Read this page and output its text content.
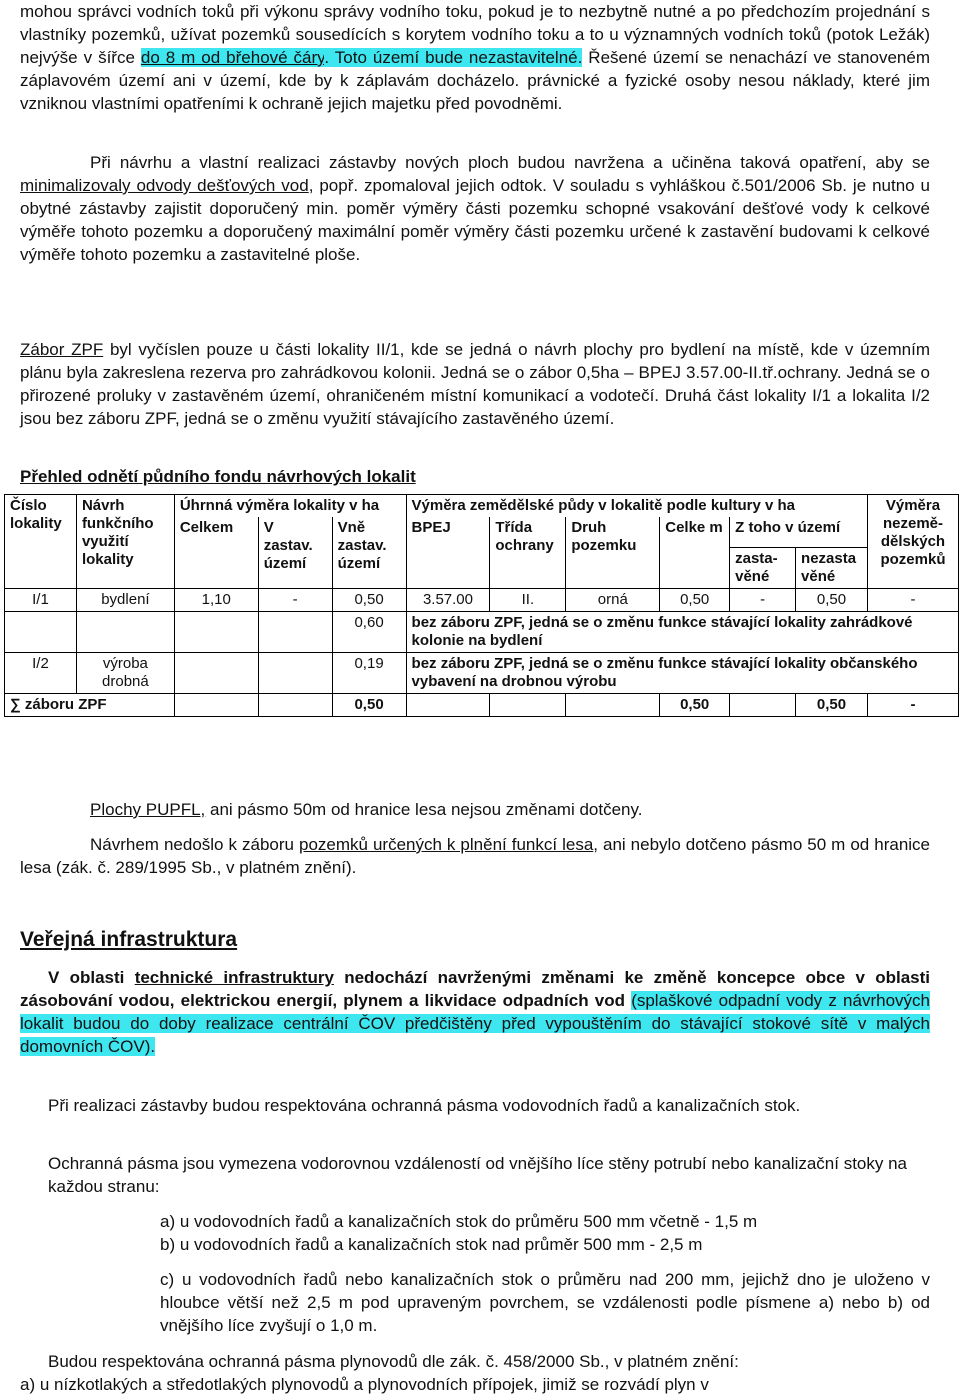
mohou správci vodních toků při výkonu správy vodního toku, pokud je to nezbytně nutné a po předchozím projednání s vlastníky pozemků, užívat pozemků sousedících s korytem vodního toku a to u významných vodních toků (potok Ležák) nejvýše v šířce do 8 m od břehové čáry. Toto území bude nezastavitelné. Řešené území se nenachází ve stanoveném záplavovém území ani v území, kde by k záplavám docházelo. právnické a fyzické osoby nesou náklady, které jim vzniknou vlastními opatřeními k ochraně jejich majetku před povodněmi.

Při návrhu a vlastní realizaci zástavby nových ploch budou navržena a učiněna taková opatření, aby se minimalizovaly odvody dešťových vod, popř. zpomaloval jejich odtok. V souladu s vyhláškou č.501/2006 Sb. je nutno u obytné zástavby zajistit doporučený min. poměr výměry části pozemku schopné vsakování dešťové vody k celkové výměře tohoto pozemku a doporučený maximální poměr výměry části pozemku určené k zastavění budovami k celkové výměře tohoto pozemku a zastavitelné ploše.

Zábor ZPF byl vyčíslen pouze u části lokality II/1, kde se jedná o návrh plochy pro bydlení na místě, kde v územním plánu byla zakreslena rezerva pro zahrádkovou kolonii. Jedná se o zábor 0,5ha – BPEJ 3.57.00-II.tř.ochrany. Jedná se o přirozené proluky v zastavěném území, ohraničeném místní komunikací a vodotečí. Druhá část lokality I/1 a lokalita I/2 jsou bez záboru ZPF, jedná se o změnu využití stávajícího zastavěného území.

Přehled odnětí půdního fondu návrhových lokalit

Číslo lokality	Návrh funkčního využití lokality	Úhrnná výměra lokality v ha			Výměra zemědělské půdy v lokalitě podle kultury v ha						Výměra nezemě-dělských pozemků
		Celkem	V zastav. území	Vně zastav. území	BPEJ	Třída ochrany	Druh pozemku	Celke m	Z toho v území		
									zasta-věné	nezasta věné	
I/1	bydlení	1,10	-	0,50	3.57.00	II.	orná	0,50	-	0,50	-
				0,60	bez záboru ZPF, jedná se o změnu funkce stávající lokality zahrádkové kolonie na bydlení						
I/2	výroba drobná			0,19	bez záboru ZPF, jedná se o změnu funkce stávající lokality občanského vybavení na drobnou výrobu						
∑ záboru ZPF				0,50				0,50		0,50	-

Plochy PUPFL, ani pásmo 50m od hranice lesa nejsou změnami dotčeny.

Návrhem nedošlo k záboru pozemků určených k plnění funkcí lesa, ani nebylo dotčeno pásmo 50 m od hranice lesa (zák. č. 289/1995 Sb., v platném znění).

Veřejná infrastruktura

V oblasti technické infrastruktury nedochází navrženými změnami ke změně koncepce obce v oblasti zásobování vodou, elektrickou energií, plynem a likvidace odpadních vod (splaškové odpadní vody z návrhových lokalit budou do doby realizace centrální ČOV předčištěny před vypouštěním do stávající stokové sítě v malých domovních ČOV).

Při realizaci zástavby budou respektována ochranná pásma vodovodních řadů a kanalizačních stok.

Ochranná pásma jsou vymezena vodorovnou vzdáleností od vnějšího líce stěny potrubí nebo kanalizační stoky na každou stranu:

a) u vodovodních řadů a kanalizačních stok do průměru 500 mm včetně - 1,5 m

b) u vodovodních řadů a kanalizačních stok nad průměr 500 mm - 2,5 m

c) u vodovodních řadů nebo kanalizačních stok o průměru nad 200 mm, jejichž dno je uloženo v hloubce větší než 2,5 m pod upraveným povrchem, se vzdálenosti podle písmene a) nebo b) od vnějšího líce zvyšují o 1,0 m.

Budou respektována ochranná pásma plynovodů dle zák. č. 458/2000 Sb., v platném znění:

a) u nízkotlakých a středotlakých plynovodů a plynovodních přípojek, jimiž se rozvádí plyn v
